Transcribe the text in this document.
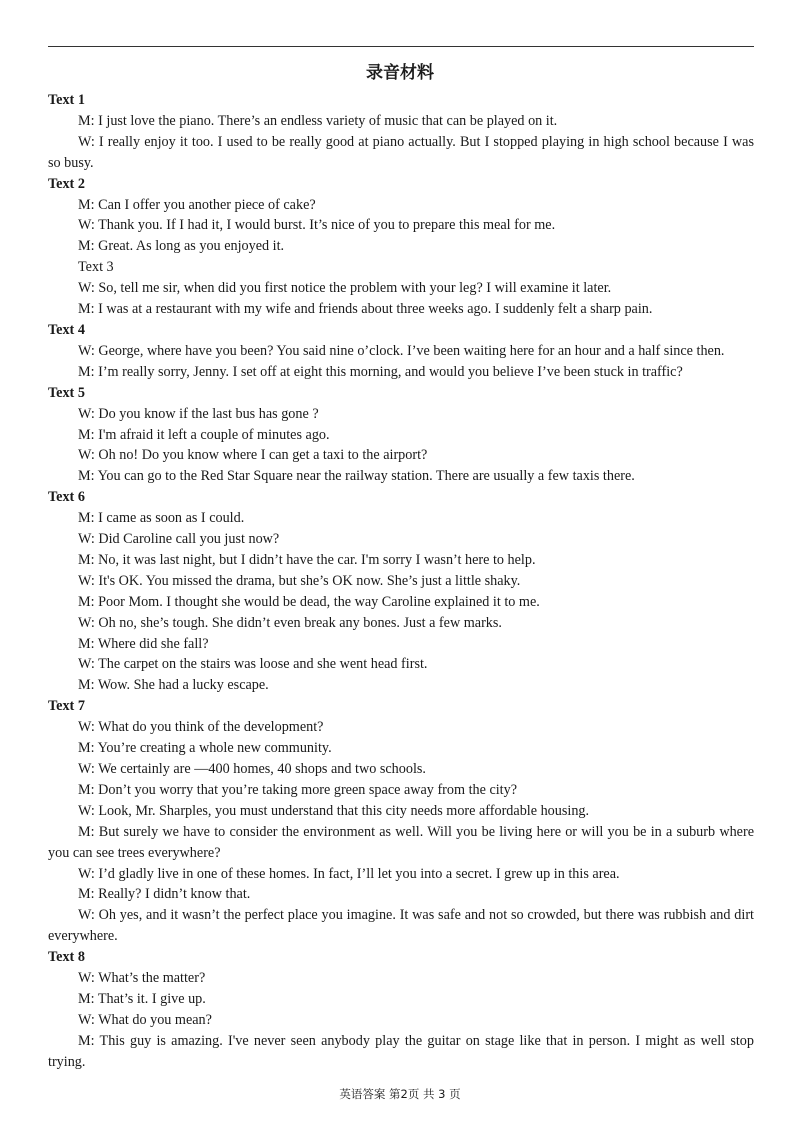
录音材料

Text 1

M: I just love the piano. There’s an endless variety of music that can be played on it.

W: I really enjoy it too. I used to be really good at piano actually. But I stopped playing in high school because I was so busy.

Text 2

M: Can I offer you another piece of cake?

W: Thank you. If I had it, I would burst. It’s nice of you to prepare this meal for me.

M: Great. As long as you enjoyed it.

Text 3

W: So, tell me sir, when did you first notice the problem with your leg? I will examine it later.

M: I was at a restaurant with my wife and friends about three weeks ago. I suddenly felt a sharp pain.

Text 4

W: George, where have you been? You said nine o’clock. I’ve been waiting here for an hour and a half since then.

M: I’m really sorry, Jenny. I set off at eight this morning, and would you believe I’ve been stuck in traffic?

Text 5

W: Do you know if the last bus has gone ?

M: I'm afraid it left a couple of minutes ago.

W: Oh no! Do you know where I can get a taxi to the airport?

M: You can go to the Red Star Square near the railway station. There are usually a few taxis there.

Text 6

M: I came as soon as I could.

W: Did Caroline call you just now?

M: No, it was last night, but I didn’t have the car. I'm sorry I wasn’t here to help.

W: It's OK. You missed the drama, but she’s OK now. She’s just a little shaky.

M: Poor Mom. I thought she would be dead, the way Caroline explained it to me.

W: Oh no, she’s tough. She didn’t even break any bones. Just a few marks.

M: Where did she fall?

W: The carpet on the stairs was loose and she went head first.

M: Wow. She had a lucky escape.

Text 7

W: What do you think of the development?

M: You’re creating a whole new community.

W: We certainly are —400 homes, 40 shops and two schools.

M: Don’t you worry that you’re taking more green space away from the city?

W: Look, Mr. Sharples, you must understand that this city needs more affordable housing.

M: But surely we have to consider the environment as well. Will you be living here or will you be in a suburb where you can see trees everywhere?

W: I’d gladly live in one of these homes. In fact, I’ll let you into a secret. I grew up in this area.

M: Really? I didn’t know that.

W: Oh yes, and it wasn’t the perfect place you imagine. It was safe and not so crowded, but there was rubbish and dirt everywhere.

Text 8

W: What’s the matter?

M: That’s it. I give up.

W: What do you mean?

M: This guy is amazing. I've never seen anybody play the guitar on stage like that in person. I might as well stop trying.

英语答案 第2页 共 3 页
